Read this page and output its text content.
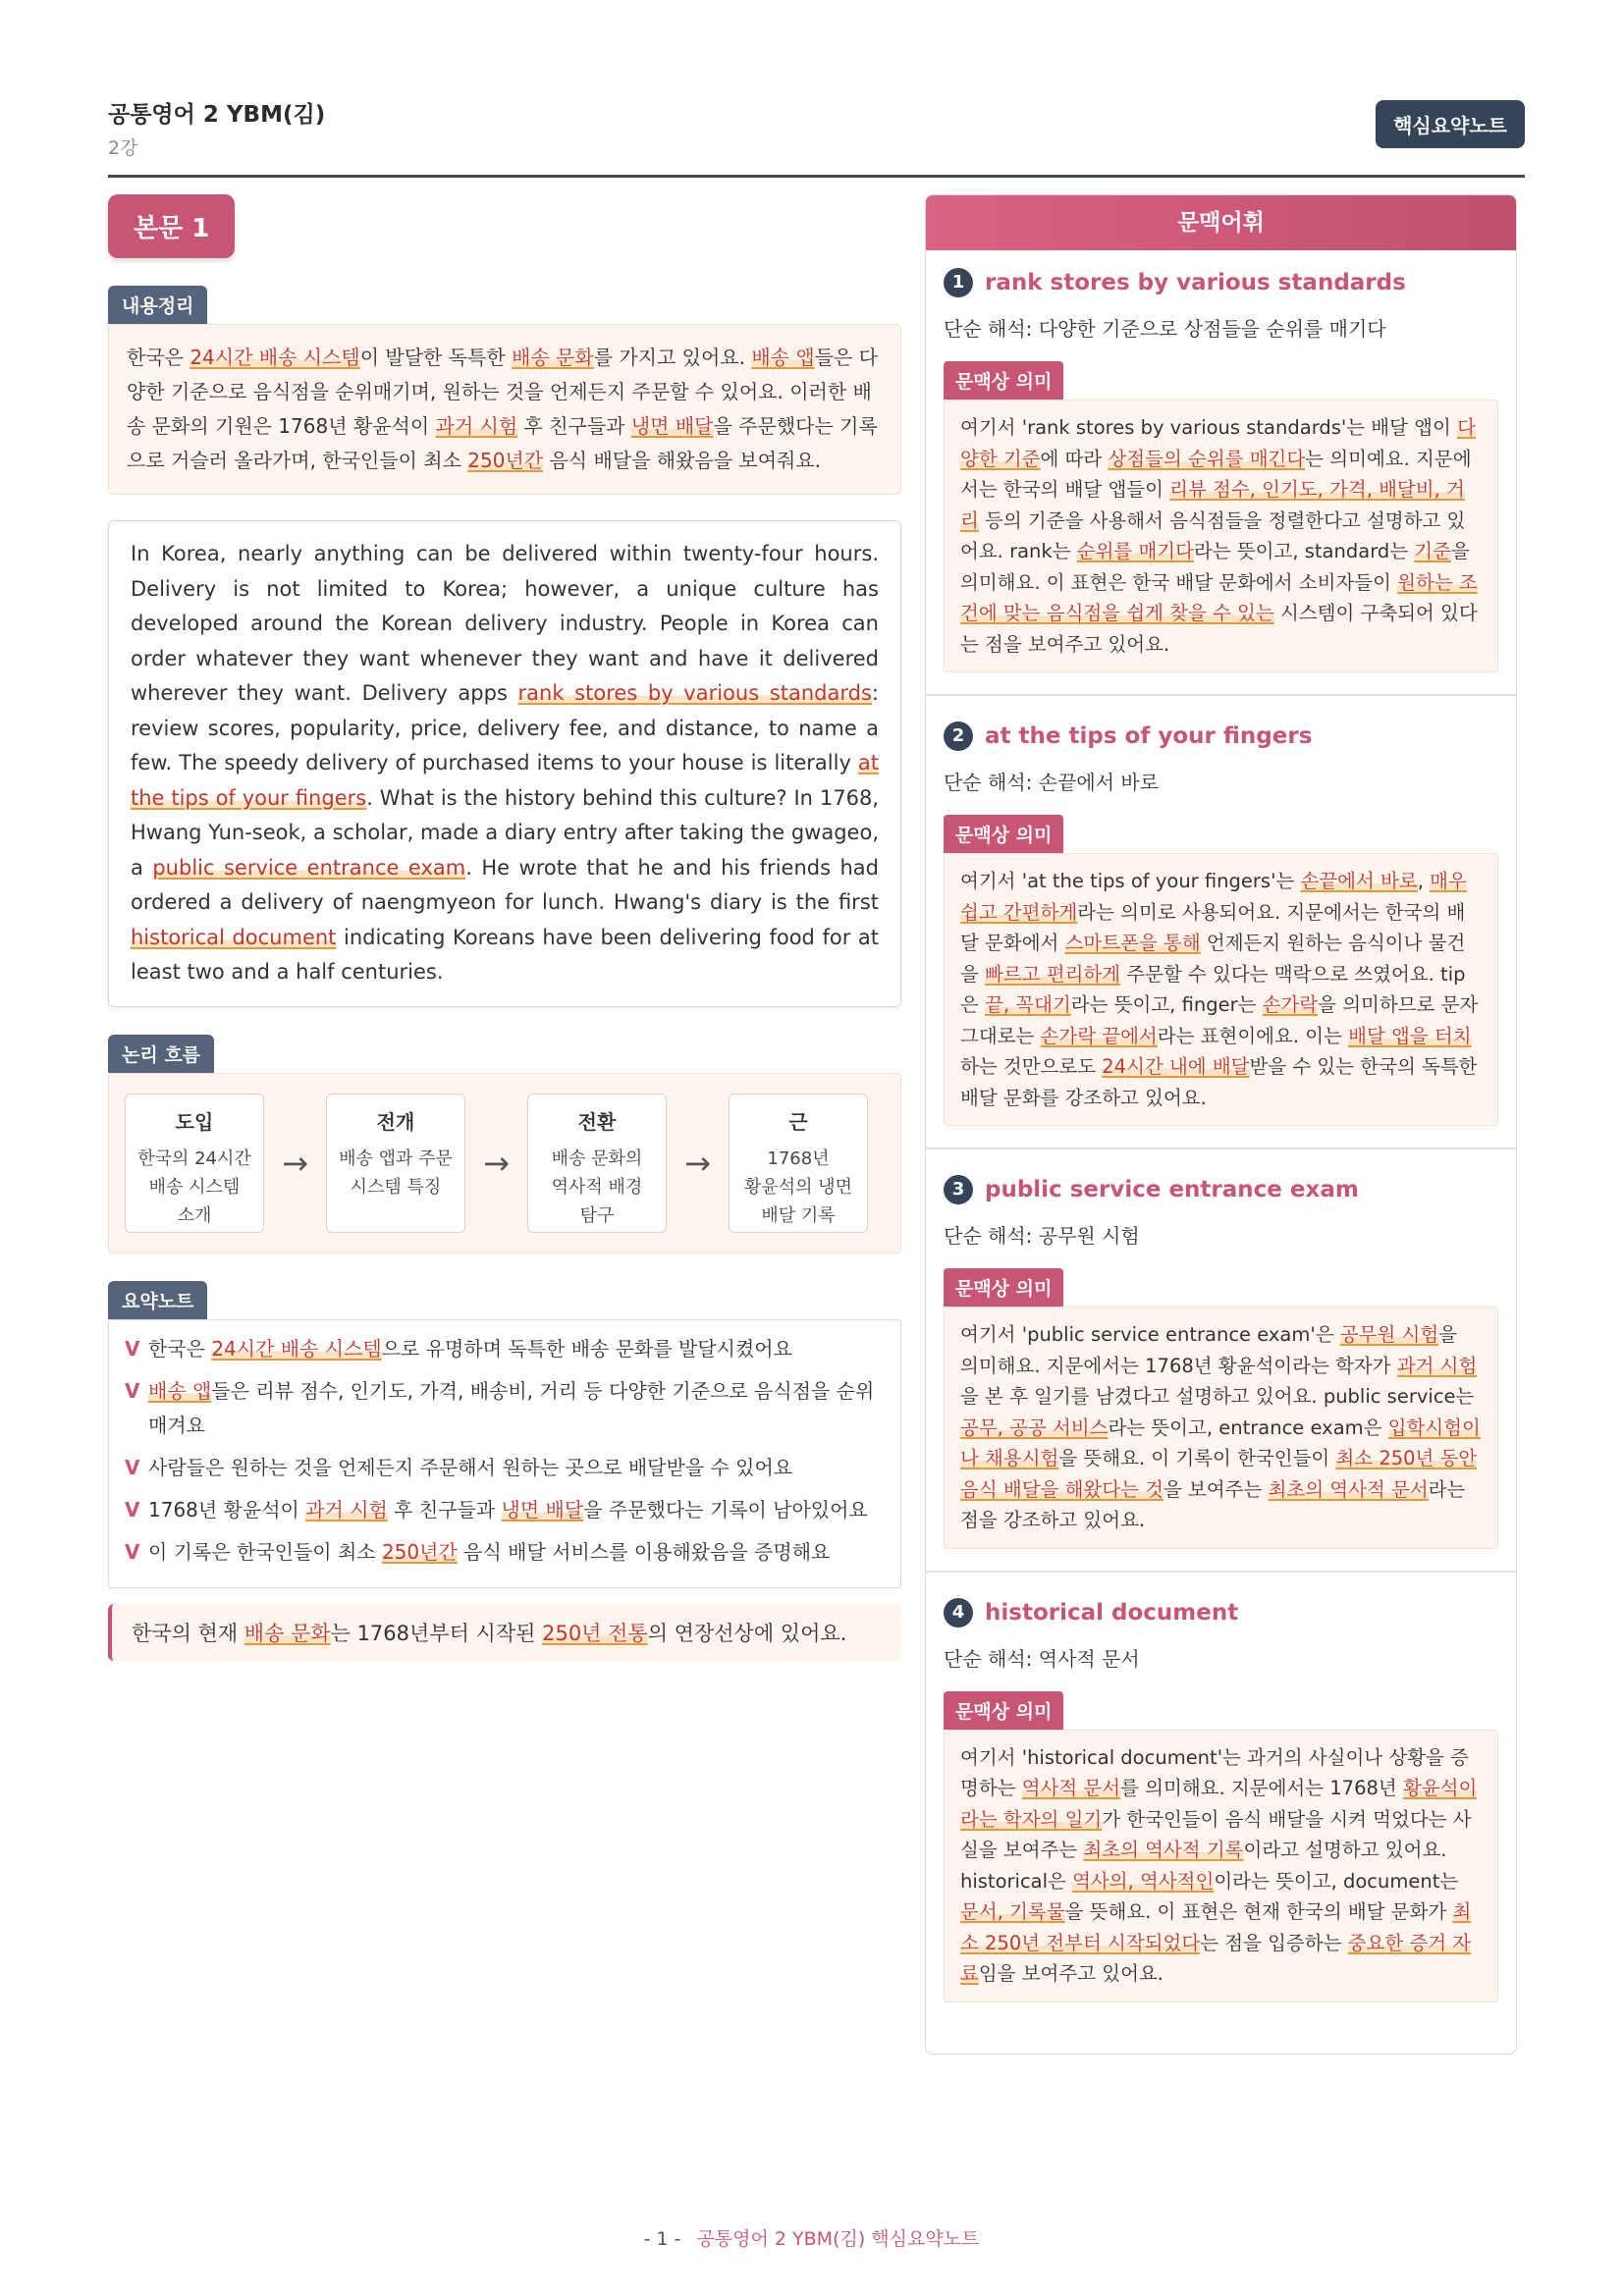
공통영어 2 YBM(김)
2강
핵심요약노트
본문 1
내용정리
한국은 24시간 배송 시스템이 발달한 독특한 배송 문화를 가지고 있어요. 배송 앱들은 다양한 기준으로 음식점을 순위매기며, 원하는 것을 언제든지 주문할 수 있어요. 이러한 배송 문화의 기원은 1768년 황윤석이 과거 시험 후 친구들과 냉면 배달을 주문했다는 기록으로 거슬러 올라가며, 한국인들이 최소 250년간 음식 배달을 해왔음을 보여줘요.
In Korea, nearly anything can be delivered within twenty-four hours. Delivery is not limited to Korea; however, a unique culture has developed around the Korean delivery industry. People in Korea can order whatever they want whenever they want and have it delivered wherever they want. Delivery apps rank stores by various standards: review scores, popularity, price, delivery fee, and distance, to name a few. The speedy delivery of purchased items to your house is literally at the tips of your fingers. What is the history behind this culture? In 1768, Hwang Yun-seok, a scholar, made a diary entry after taking the gwageo, a public service entrance exam. He wrote that he and his friends had ordered a delivery of naengmyeon for lunch. Hwang's diary is the first historical document indicating Koreans have been delivering food for at least two and a half centuries.
논리 흐름
도입
한국의 24시간
배송 시스템
소개
→
전개
배송 앱과 주문
시스템 특징
→
전환
배송 문화의
역사적 배경
탐구
→
근
1768년
황윤석의 냉면
배달 기록
요약노트
V 한국은 24시간 배송 시스템으로 유명하며 독특한 배송 문화를 발달시켰어요
V 배송 앱들은 리뷰 점수, 인기도, 가격, 배송비, 거리 등 다양한 기준으로 음식점을 순위매겨요
V 사람들은 원하는 것을 언제든지 주문해서 원하는 곳으로 배달받을 수 있어요
V 1768년 황윤석이 과거 시험 후 친구들과 냉면 배달을 주문했다는 기록이 남아있어요
V 이 기록은 한국인들이 최소 250년간 음식 배달 서비스를 이용해왔음을 증명해요
한국의 현재 배송 문화는 1768년부터 시작된 250년 전통의 연장선상에 있어요.
문맥어휘
1 rank stores by various standards
단순 해석: 다양한 기준으로 상점들을 순위를 매기다
문맥상 의미
여기서 'rank stores by various standards'는 배달 앱이 다양한 기준에 따라 상점들의 순위를 매긴다는 의미예요. 지문에서는 한국의 배달 앱들이 리뷰 점수, 인기도, 가격, 배달비, 거리 등의 기준을 사용해서 음식점들을 정렬한다고 설명하고 있어요. rank는 순위를 매기다라는 뜻이고, standard는 기준을 의미해요. 이 표현은 한국 배달 문화에서 소비자들이 원하는 조건에 맞는 음식점을 쉽게 찾을 수 있는 시스템이 구축되어 있다는 점을 보여주고 있어요.
2 at the tips of your fingers
단순 해석: 손끝에서 바로
문맥상 의미
여기서 'at the tips of your fingers'는 손끝에서 바로, 매우 쉽고 간편하게라는 의미로 사용되어요. 지문에서는 한국의 배달 문화에서 스마트폰을 통해 언제든지 원하는 음식이나 물건을 빠르고 편리하게 주문할 수 있다는 맥락으로 쓰였어요. tip은 끝, 꼭대기라는 뜻이고, finger는 손가락을 의미하므로 문자 그대로는 손가락 끝에서라는 표현이에요. 이는 배달 앱을 터치하는 것만으로도 24시간 내에 배달받을 수 있는 한국의 독특한 배달 문화를 강조하고 있어요.
3 public service entrance exam
단순 해석: 공무원 시험
문맥상 의미
여기서 'public service entrance exam'은 공무원 시험을 의미해요. 지문에서는 1768년 황윤석이라는 학자가 과거 시험을 본 후 일기를 남겼다고 설명하고 있어요. public service는 공무, 공공 서비스라는 뜻이고, entrance exam은 입학시험이나 채용시험을 뜻해요. 이 기록이 한국인들이 최소 250년 동안 음식 배달을 해왔다는 것을 보여주는 최초의 역사적 문서라는 점을 강조하고 있어요.
4 historical document
단순 해석: 역사적 문서
문맥상 의미
여기서 'historical document'는 과거의 사실이나 상황을 증명하는 역사적 문서를 의미해요. 지문에서는 1768년 황윤석이라는 학자의 일기가 한국인들이 음식 배달을 시켜 먹었다는 사실을 보여주는 최초의 역사적 기록이라고 설명하고 있어요. historical은 역사의, 역사적인이라는 뜻이고, document는 문서, 기록물을 뜻해요. 이 표현은 현재 한국의 배달 문화가 최소 250년 전부터 시작되었다는 점을 입증하는 중요한 증거 자료임을 보여주고 있어요.
- 1 - 공통영어 2 YBM(김) 핵심요약노트
